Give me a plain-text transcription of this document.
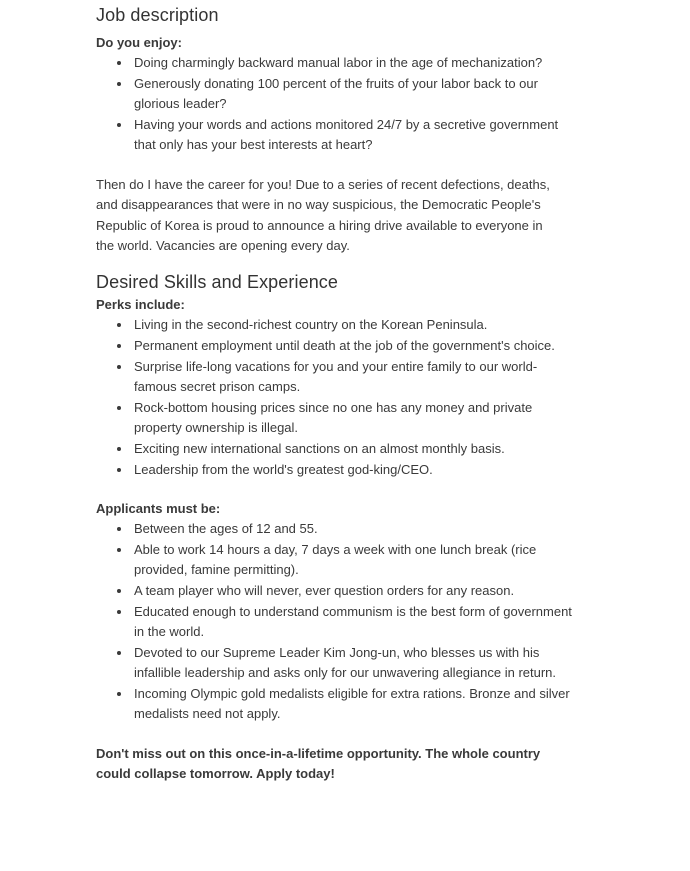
Job description
Do you enjoy:
Doing charmingly backward manual labor in the age of mechanization?
Generously donating 100 percent of the fruits of your labor back to our glorious leader?
Having your words and actions monitored 24/7 by a secretive government that only has your best interests at heart?

Then do I have the career for you! Due to a series of recent defections, deaths, and disappearances that were in no way suspicious, the Democratic People's Republic of Korea is proud to announce a hiring drive available to everyone in the world. Vacancies are opening every day.

Desired Skills and Experience
Perks include:
Living in the second-richest country on the Korean Peninsula.
Permanent employment until death at the job of the government's choice.
Surprise life-long vacations for you and your entire family to our world-famous secret prison camps.
Rock-bottom housing prices since no one has any money and private property ownership is illegal.
Exciting new international sanctions on an almost monthly basis.
Leadership from the world's greatest god-king/CEO.
Applicants must be:
Between the ages of 12 and 55.
Able to work 14 hours a day, 7 days a week with one lunch break (rice provided, famine permitting).
A team player who will never, ever question orders for any reason.
Educated enough to understand communism is the best form of government in the world.
Devoted to our Supreme Leader Kim Jong-un, who blesses us with his infallible leadership and asks only for our unwavering allegiance in return.
Incoming Olympic gold medalists eligible for extra rations. Bronze and silver medalists need not apply.

Don't miss out on this once-in-a-lifetime opportunity. The whole country could collapse tomorrow. Apply today!
